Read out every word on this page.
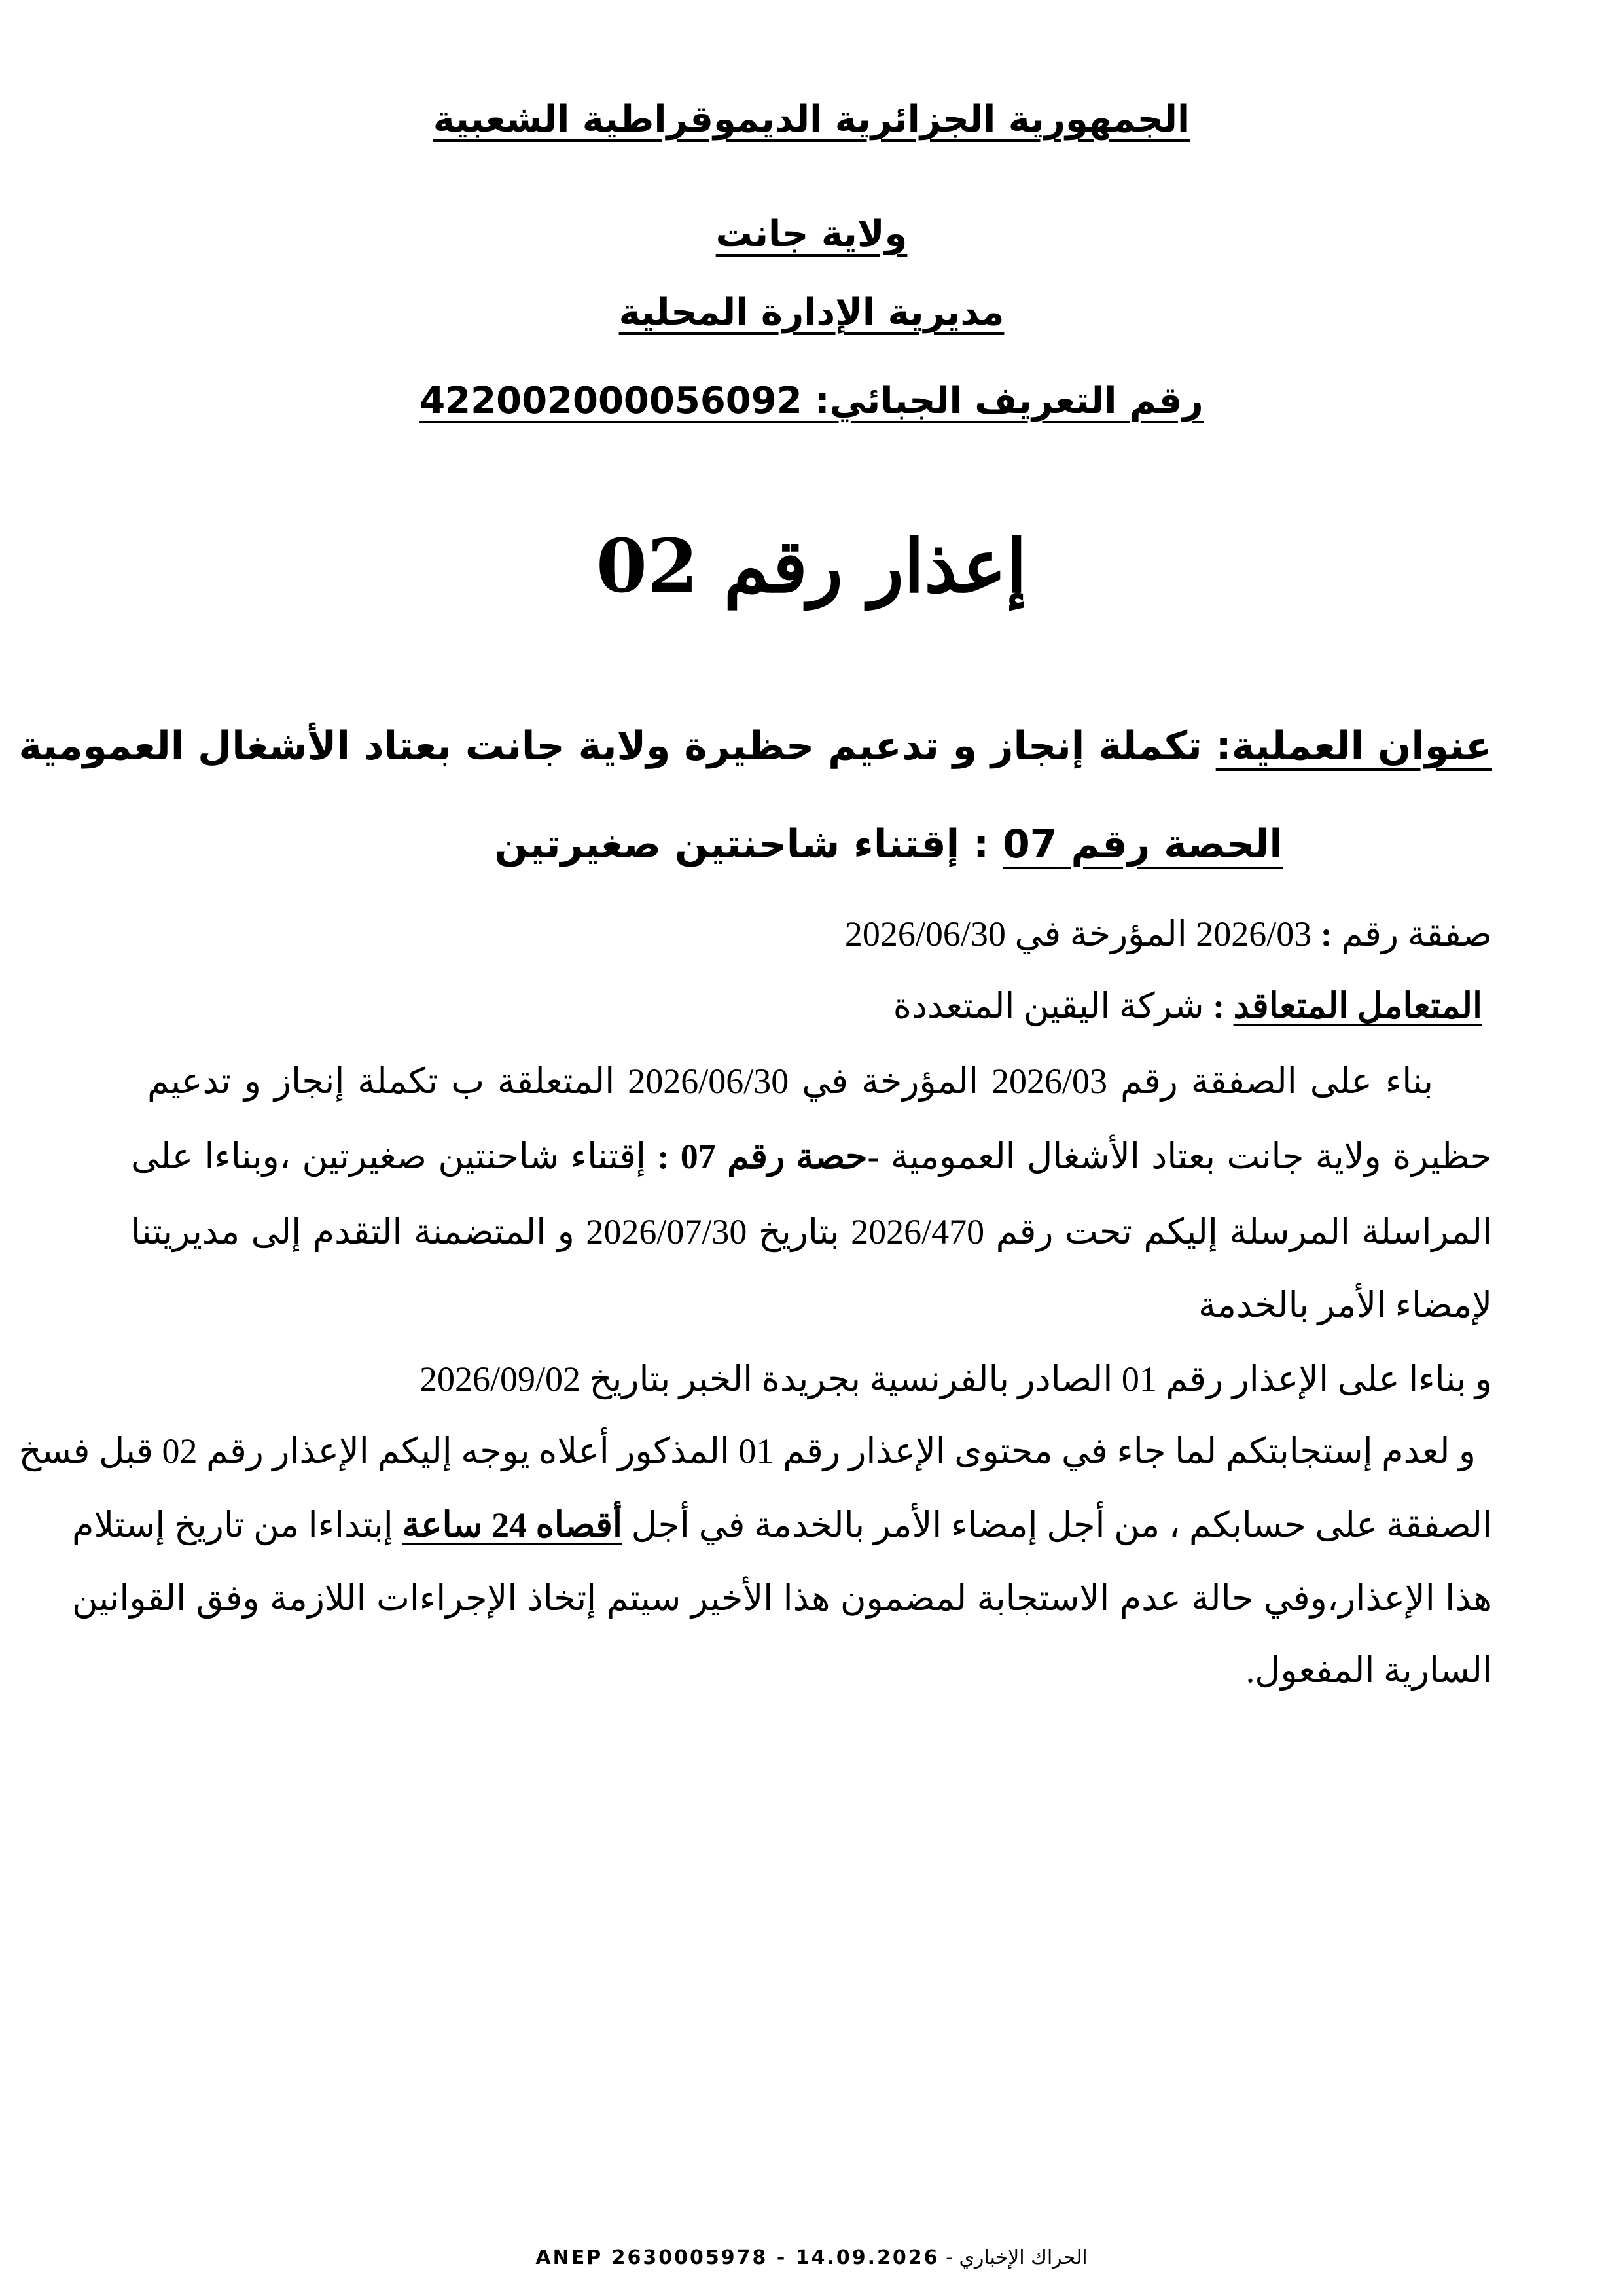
الجمهورية الجزائرية الديموقراطية الشعبية
ولاية جانت
مديرية الإدارة المحلية
رقم التعريف الجبائي: 422002000056092
إعذار رقم 02
عنوان العملية: تكملة إنجاز و تدعيم حظيرة ولاية جانت بعتاد الأشغال العمومية
الحصة رقم 07 : إقتناء شاحنتين صغيرتين
صفقة رقم : 2026/03 المؤرخة في 2026/06/30
المتعامل المتعاقد : شركة اليقين المتعددة
بناء على الصفقة رقم 2026/03 المؤرخة في 2026/06/30 المتعلقة ب تكملة إنجاز و تدعيم
حظيرة ولاية جانت بعتاد الأشغال العمومية -حصة رقم 07 : إقتناء شاحنتين صغيرتين ،وبناءا على
المراسلة المرسلة إليكم تحت رقم 2026/470 بتاريخ 2026/07/30 و المتضمنة التقدم إلى مديريتنا
لإمضاء الأمر بالخدمة
و بناءا على الإعذار رقم 01 الصادر بالفرنسية بجريدة الخبر بتاريخ 2026/09/02
و لعدم إستجابتكم لما جاء في محتوى الإعذار رقم 01 المذكور أعلاه يوجه إليكم الإعذار رقم 02 قبل فسخ
الصفقة على حسابكم ، من أجل إمضاء الأمر بالخدمة في أجل أقصاه 24 ساعة إبتداءا من تاريخ إستلام
هذا الإعذار،وفي حالة عدم الاستجابة لمضمون هذا الأخير سيتم إتخاذ الإجراءات اللازمة وفق القوانين
السارية المفعول.
ANEP 2630005978 - 14.09.2026 - الحراك الإخباري
